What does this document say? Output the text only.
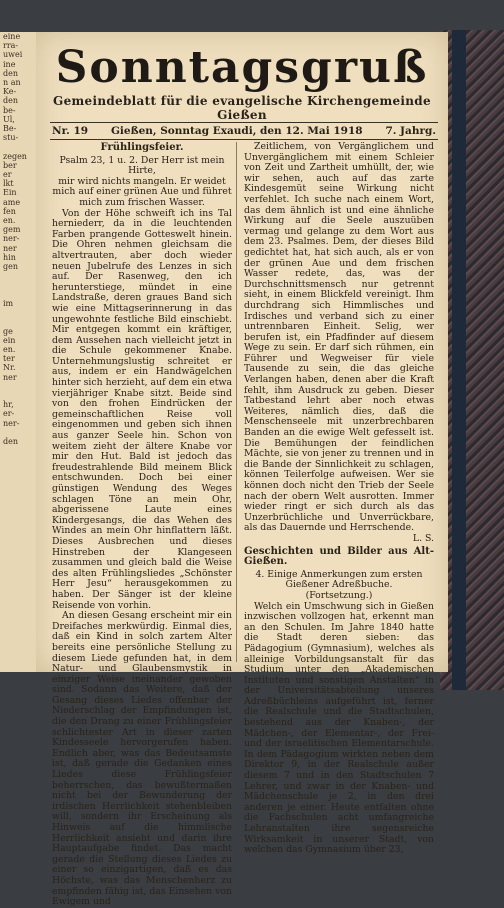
eine
rra-
uwei
ine
den
n an
Ke-
den
be-
Ul,
Be-
stu-

zegen
ber
er
lkt
Ein
ame
fen
en.
gem
ner-
ner
hin
gen

im

ge
ein
en.
ter
Nr.
ner

hr,
er-
ner-

den
Sonntagsgruß
Gemeindeblatt für die evangelische Kirchengemeinde Gießen
Nr. 19 Gießen, Sonntag Exaudi, den 12. Mai 1918 7. Jahrg.
Frühlingsfeier.

Psalm 23, 1 u. 2. Der Herr ist mein Hirte,

mir wird nichts mangeln. Er weidet

mich auf einer grünen Aue und führet

mich zum frischen Wasser.

Von der Höhe schweift ich ins Tal herniederr, da in die leuchtenden Farben prangende Gotteswelt hinein. Die Ohren nehmen gleichsam die altvertrauten, aber doch wieder neuen Jubelrufe des Lenzes in sich auf. Der Rasenweg, den ich herunterstiege, mündet in eine Landstraße, deren graues Band sich wie eine Mittagserinnerung in das ungewohnte festliche Bild einschiebt. Mir entgegen kommt ein kräftiger, dem Aussehen nach vielleicht jetzt in die Schule gekommener Knabe. Unternehmungslustig schreitet er aus, indem er ein Handwägelchen hinter sich herzieht, auf dem ein etwa vierjähriger Knabe sitzt. Beide sind von den frohen Eindrücken der gemeinschaftlichen Reise voll eingenommen und geben sich ihnen aus ganzer Seele hin. Schon von weitem zieht der ältere Knabe vor mir den Hut. Bald ist jedoch das freudestrahlende Bild meinem Blick entschwunden. Doch bei einer günstigen Wendung des Weges schlagen Töne an mein Ohr, abgerissene Laute eines Kindergesangs, die das Wehen des Windes an mein Ohr hinflattern läßt. Dieses Ausbrechen und dieses Hinstreben der Klangeseen zusammen und gleich bald die Weise des alten Frühlingsliedes „Schönster Herr Jesu“ herausgekommen zu haben. Der Sänger ist der kleine Reisende von vorhin.

An diesen Gesang erscheint mir ein Dreifaches merkwürdig. Einmal dies, daß ein Kind in solch zartem Alter bereits eine persönliche Stellung zu diesem Liede gefunden hat, in dem Natur- und Glaubensmystik in einziger Weise ineinander gewoben sind. Sodann das Weitere, daß der Gesang dieses Liedes offenbar der Niederschlag der Empfindungen ist, die den Drang zu einer Frühlingsfeier schlichtester Art in dieser zarten Kindesseele hervorgerufen haben. Endlich aber, was das Bedeutsamste ist, daß gerade die Gedanken eines Liedes diese Frühlingsfeier beherrschen, das bewußtermaßen nicht bei der Bewunderung der irdischen Herrlichkeit stehenbleiben will, sondern ihr Erscheinung als Hinweis auf die himmlische Herrlichkeit ansieht und darin ihre Hauptaufgabe findet. Das macht gerade die Stellung dieses Liedes zu einer so einzigartigen, daß es das Höchste, was das Menschenherz zu empfinden fähig ist, das Einsehen von Ewigem und

Zeitlichem, von Vergänglichem und Unvergänglichem mit einem Schleier von Zeit und Zartheit umhüllt, der, wie wir sehen, auch auf das zarte Kindesgemüt seine Wirkung nicht verfehlet. Ich suche nach einem Wort, das dem ähnlich ist und eine ähnliche Wirkung auf die Seele auszuüben vermag und gelange zu dem Wort aus dem 23. Psalmes. Dem, der dieses Bild gedichtet hat, hat sich auch, als er von der grünen Aue und dem frischen Wasser redete, das, was der Durchschnittsmensch nur getrennt sieht, in einem Blickfeld vereinigt. Ihm durchdrang sich Himmlisches und Irdisches und verband sich zu einer untrennbaren Einheit. Selig, wer berufen ist, ein Pfadfinder auf diesem Wege zu sein. Er darf sich rühmen, ein Führer und Wegweiser für viele Tausende zu sein, die das gleiche Verlangen haben, denen aber die Kraft fehlt, ihm Ausdruck zu geben. Dieser Tatbestand lehrt aber noch etwas Weiteres, nämlich dies, daß die Menschenseele mit unzerbrechbaren Banden an die ewige Welt gefesselt ist. Die Bemühungen der feindlichen Mächte, sie von jener zu trennen und in die Bande der Sinnlichkeit zu schlagen, können Teilerfolge aufweisen. Wer sie können doch nicht den Trieb der Seele nach der obern Welt ausrotten. Immer wieder ringt er sich durch als das Unzerbrüchliche und Unverrückbare, als das Dauernde und Herrschende.

L. S.

Geschichten und Bilder aus Alt-Gießen.

4. Einige Anmerkungen zum ersten Gießener Adreßbuche.

(Fortsetzung.)

Welch ein Umschwung sich in Gießen inzwischen vollzogen hat, erkennt man an den Schulen. Im Jahre 1840 hatte die Stadt deren sieben: das Pädagogium (Gymnasium), welches als alleinige Vorbildungsanstalt für das Studium unter den „Akademischen Instituten und sonstigen Anstalten“ in der Universitätsabteilung unseres Adreßbüchleins aufgeführt ist, ferner die Realschule und die Stadtschulen, bestehend aus der Knaben-, der Mädchen-, der Elementar-, der Frei- und der israelitischen Elementarschule. In dem Pädagogium wirkten neben dem Direktor 9, in der Realschule außer diesem 7 und in den Stadtschulen 7 Lehrer, und zwar in der Knaben- und Mädchenschule je 2, in den drei anderen je einer. Heute entfalten ohne die Fachschulen acht umfangreiche Lehranstalten ihre segensreiche Wirksamkeit in unserer Stadt, von welchen das Gymnasium über 23,
